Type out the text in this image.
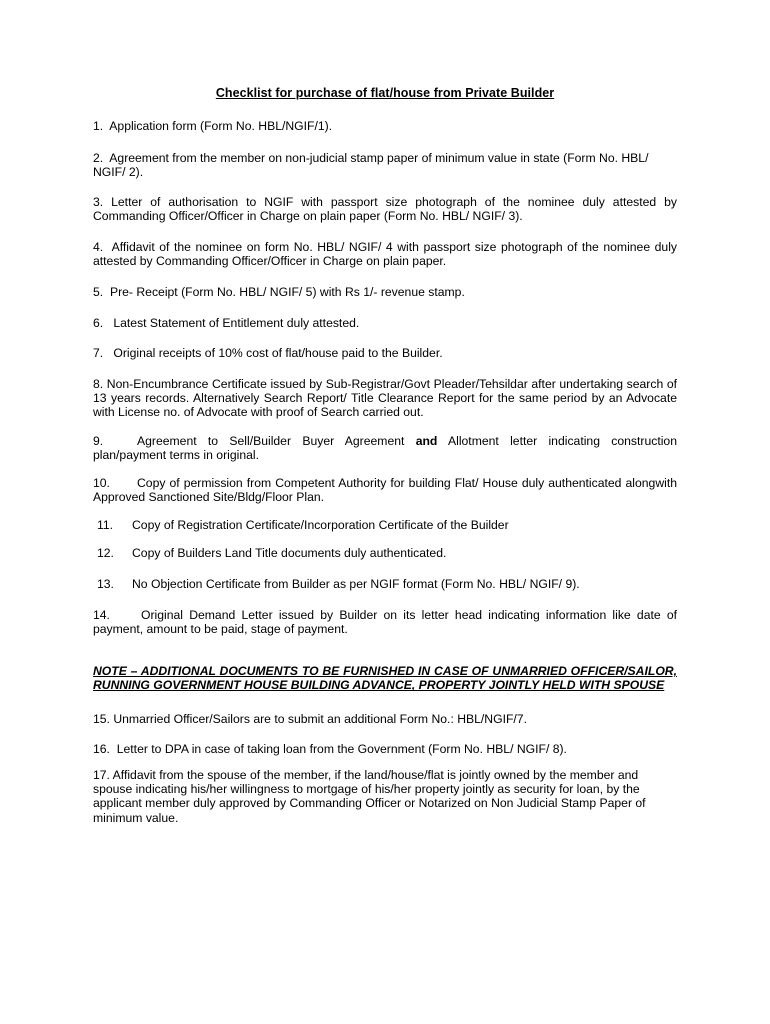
Checklist for purchase of flat/house from Private Builder

1. Application form (Form No. HBL/NGIF/1).

2. Agreement from the member on non-judicial stamp paper of minimum value in state (Form No. HBL/ NGIF/ 2).

3. Letter of authorisation to NGIF with passport size photograph of the nominee duly attested by Commanding Officer/Officer in Charge on plain paper (Form No. HBL/ NGIF/ 3).

4. Affidavit of the nominee on form No. HBL/ NGIF/ 4 with passport size photograph of the nominee duly attested by Commanding Officer/Officer in Charge on plain paper.

5. Pre- Receipt (Form No. HBL/ NGIF/ 5) with Rs 1/- revenue stamp.

6. Latest Statement of Entitlement duly attested.

7. Original receipts of 10% cost of flat/house paid to the Builder.

8. Non-Encumbrance Certificate issued by Sub-Registrar/Govt Pleader/Tehsildar after undertaking search of 13 years records. Alternatively Search Report/ Title Clearance Report for the same period by an Advocate with License no. of Advocate with proof of Search carried out.

9.	Agreement to Sell/Builder Buyer Agreement and Allotment letter indicating construction plan/payment terms in original.

10. Copy of permission from Competent Authority for building Flat/ House duly authenticated alongwith Approved Sanctioned Site/Bldg/Floor Plan.

11. Copy of Registration Certificate/Incorporation Certificate of the Builder

12. Copy of Builders Land Title documents duly authenticated.

13. No Objection Certificate from Builder as per NGIF format (Form No. HBL/ NGIF/ 9).

14.	Original Demand Letter issued by Builder on its letter head indicating information like date of payment, amount to be paid, stage of payment.

NOTE – ADDITIONAL DOCUMENTS TO BE FURNISHED IN CASE OF UNMARRIED OFFICER/SAILOR, RUNNING GOVERNMENT HOUSE BUILDING ADVANCE, PROPERTY JOINTLY HELD WITH SPOUSE

15. Unmarried Officer/Sailors are to submit an additional Form No.: HBL/NGIF/7.

16. Letter to DPA in case of taking loan from the Government (Form No. HBL/ NGIF/ 8).

17. Affidavit from the spouse of the member, if the land/house/flat is jointly owned by the member and spouse indicating his/her willingness to mortgage of his/her property jointly as security for loan, by the applicant member duly approved by Commanding Officer or Notarized on Non Judicial Stamp Paper of minimum value.
